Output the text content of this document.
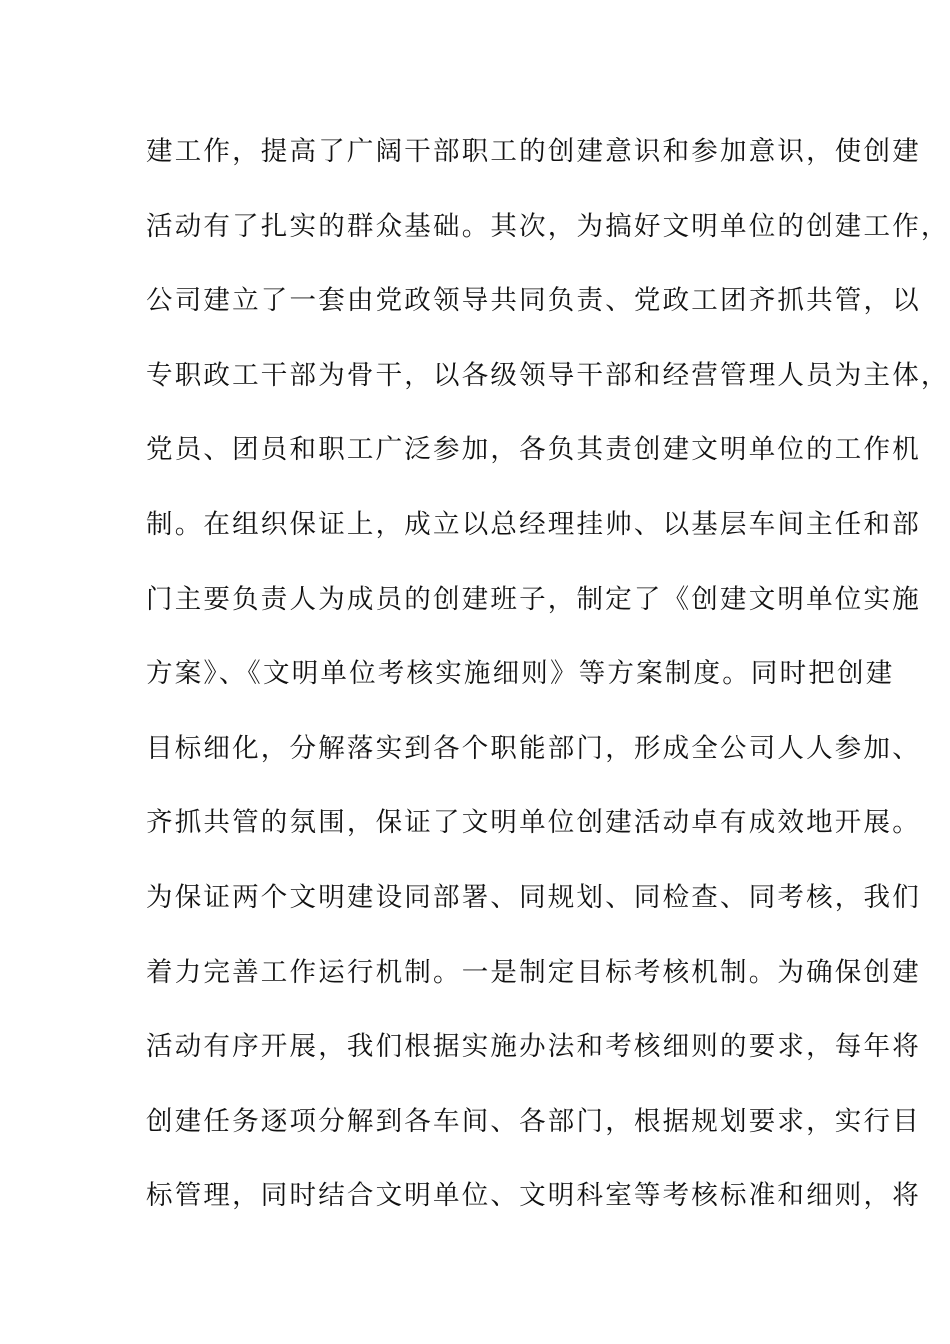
建工作，提高了广阔干部职工的创建意识和参加意识，使创建
活动有了扎实的群众基础。其次，为搞好文明单位的创建工作，
公司建立了一套由党政领导共同负责、党政工团齐抓共管，以
专职政工干部为骨干，以各级领导干部和经营管理人员为主体，
党员、团员和职工广泛参加，各负其责创建文明单位的工作机
制。在组织保证上，成立以总经理挂帅、以基层车间主任和部
门主要负责人为成员的创建班子，制定了《创建文明单位实施
方案》、《文明单位考核实施细则》等方案制度。同时把创建
目标细化，分解落实到各个职能部门，形成全公司人人参加、
齐抓共管的氛围，保证了文明单位创建活动卓有成效地开展。
为保证两个文明建设同部署、同规划、同检查、同考核，我们
着力完善工作运行机制。一是制定目标考核机制。为确保创建
活动有序开展，我们根据实施办法和考核细则的要求，每年将
创建任务逐项分解到各车间、各部门，根据规划要求，实行目
标管理，同时结合文明单位、文明科室等考核标准和细则，将
